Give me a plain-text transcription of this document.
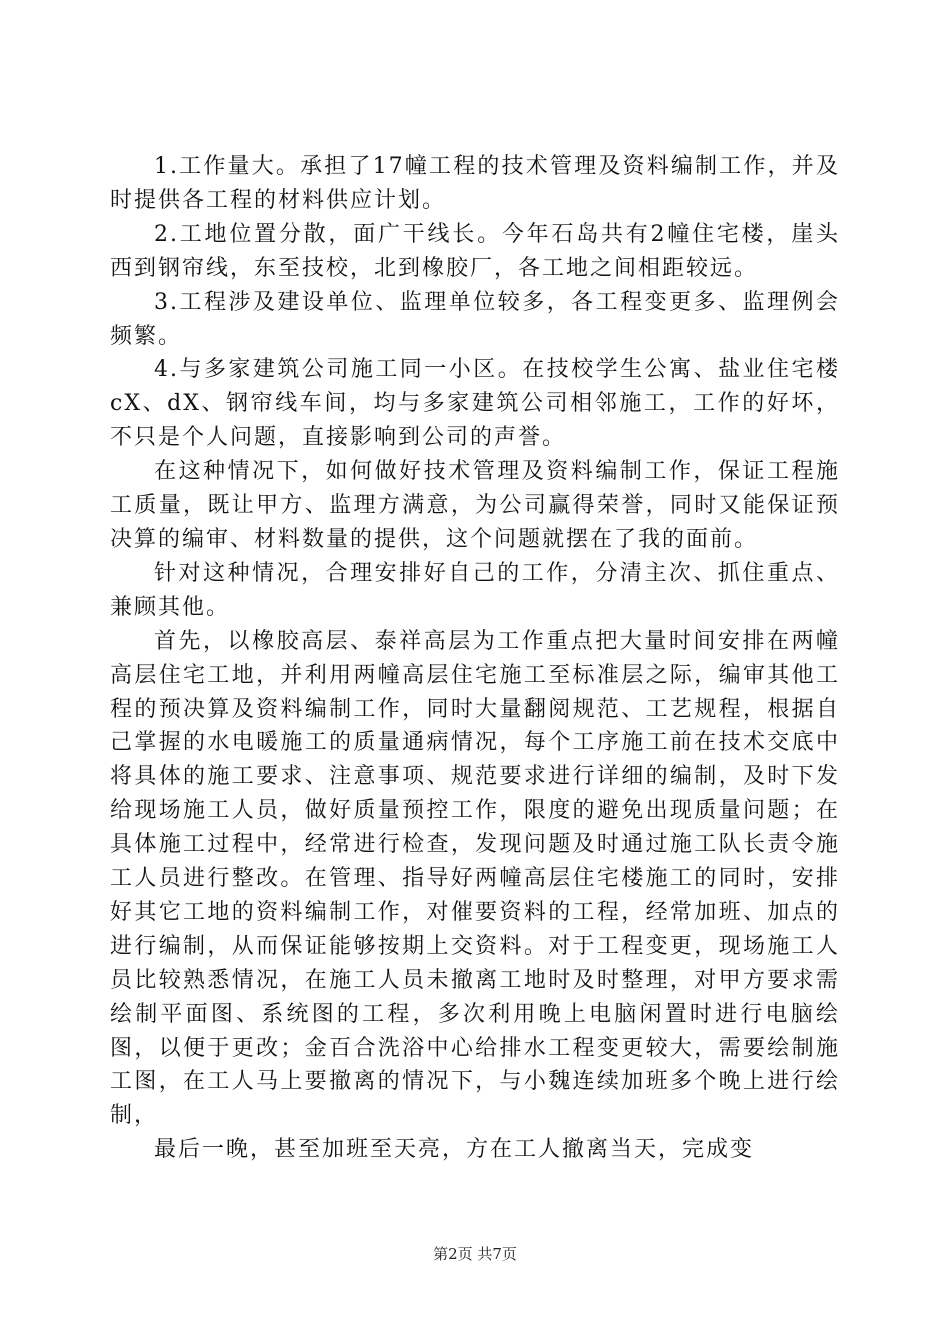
1.工作量大。承担了17幢工程的技术管理及资料编制工作，并及时提供各工程的材料供应计划。

2.工地位置分散，面广干线长。今年石岛共有2幢住宅楼，崖头西到钢帘线，东至技校，北到橡胶厂，各工地之间相距较远。

3.工程涉及建设单位、监理单位较多，各工程变更多、监理例会频繁。

4.与多家建筑公司施工同一小区。在技校学生公寓、盐业住宅楼cX、dX、钢帘线车间，均与多家建筑公司相邻施工，工作的好坏，不只是个人问题，直接影响到公司的声誉。

在这种情况下，如何做好技术管理及资料编制工作，保证工程施工质量，既让甲方、监理方满意，为公司赢得荣誉，同时又能保证预决算的编审、材料数量的提供，这个问题就摆在了我的面前。

针对这种情况，合理安排好自己的工作，分清主次、抓住重点、兼顾其他。

首先，以橡胶高层、泰祥高层为工作重点把大量时间安排在两幢高层住宅工地，并利用两幢高层住宅施工至标准层之际，编审其他工程的预决算及资料编制工作，同时大量翻阅规范、工艺规程，根据自己掌握的水电暖施工的质量通病情况，每个工序施工前在技术交底中将具体的施工要求、注意事项、规范要求进行详细的编制，及时下发给现场施工人员，做好质量预控工作，限度的避免出现质量问题；在具体施工过程中，经常进行检查，发现问题及时通过施工队长责令施工人员进行整改。在管理、指导好两幢高层住宅楼施工的同时，安排好其它工地的资料编制工作，对催要资料的工程，经常加班、加点的进行编制，从而保证能够按期上交资料。对于工程变更，现场施工人员比较熟悉情况，在施工人员未撤离工地时及时整理，对甲方要求需绘制平面图、系统图的工程，多次利用晚上电脑闲置时进行电脑绘图，以便于更改；金百合洗浴中心给排水工程变更较大，需要绘制施工图，在工人马上要撤离的情况下，与小魏连续加班多个晚上进行绘制，

最后一晚，甚至加班至天亮，方在工人撤离当天，完成变

第2页 共7页
